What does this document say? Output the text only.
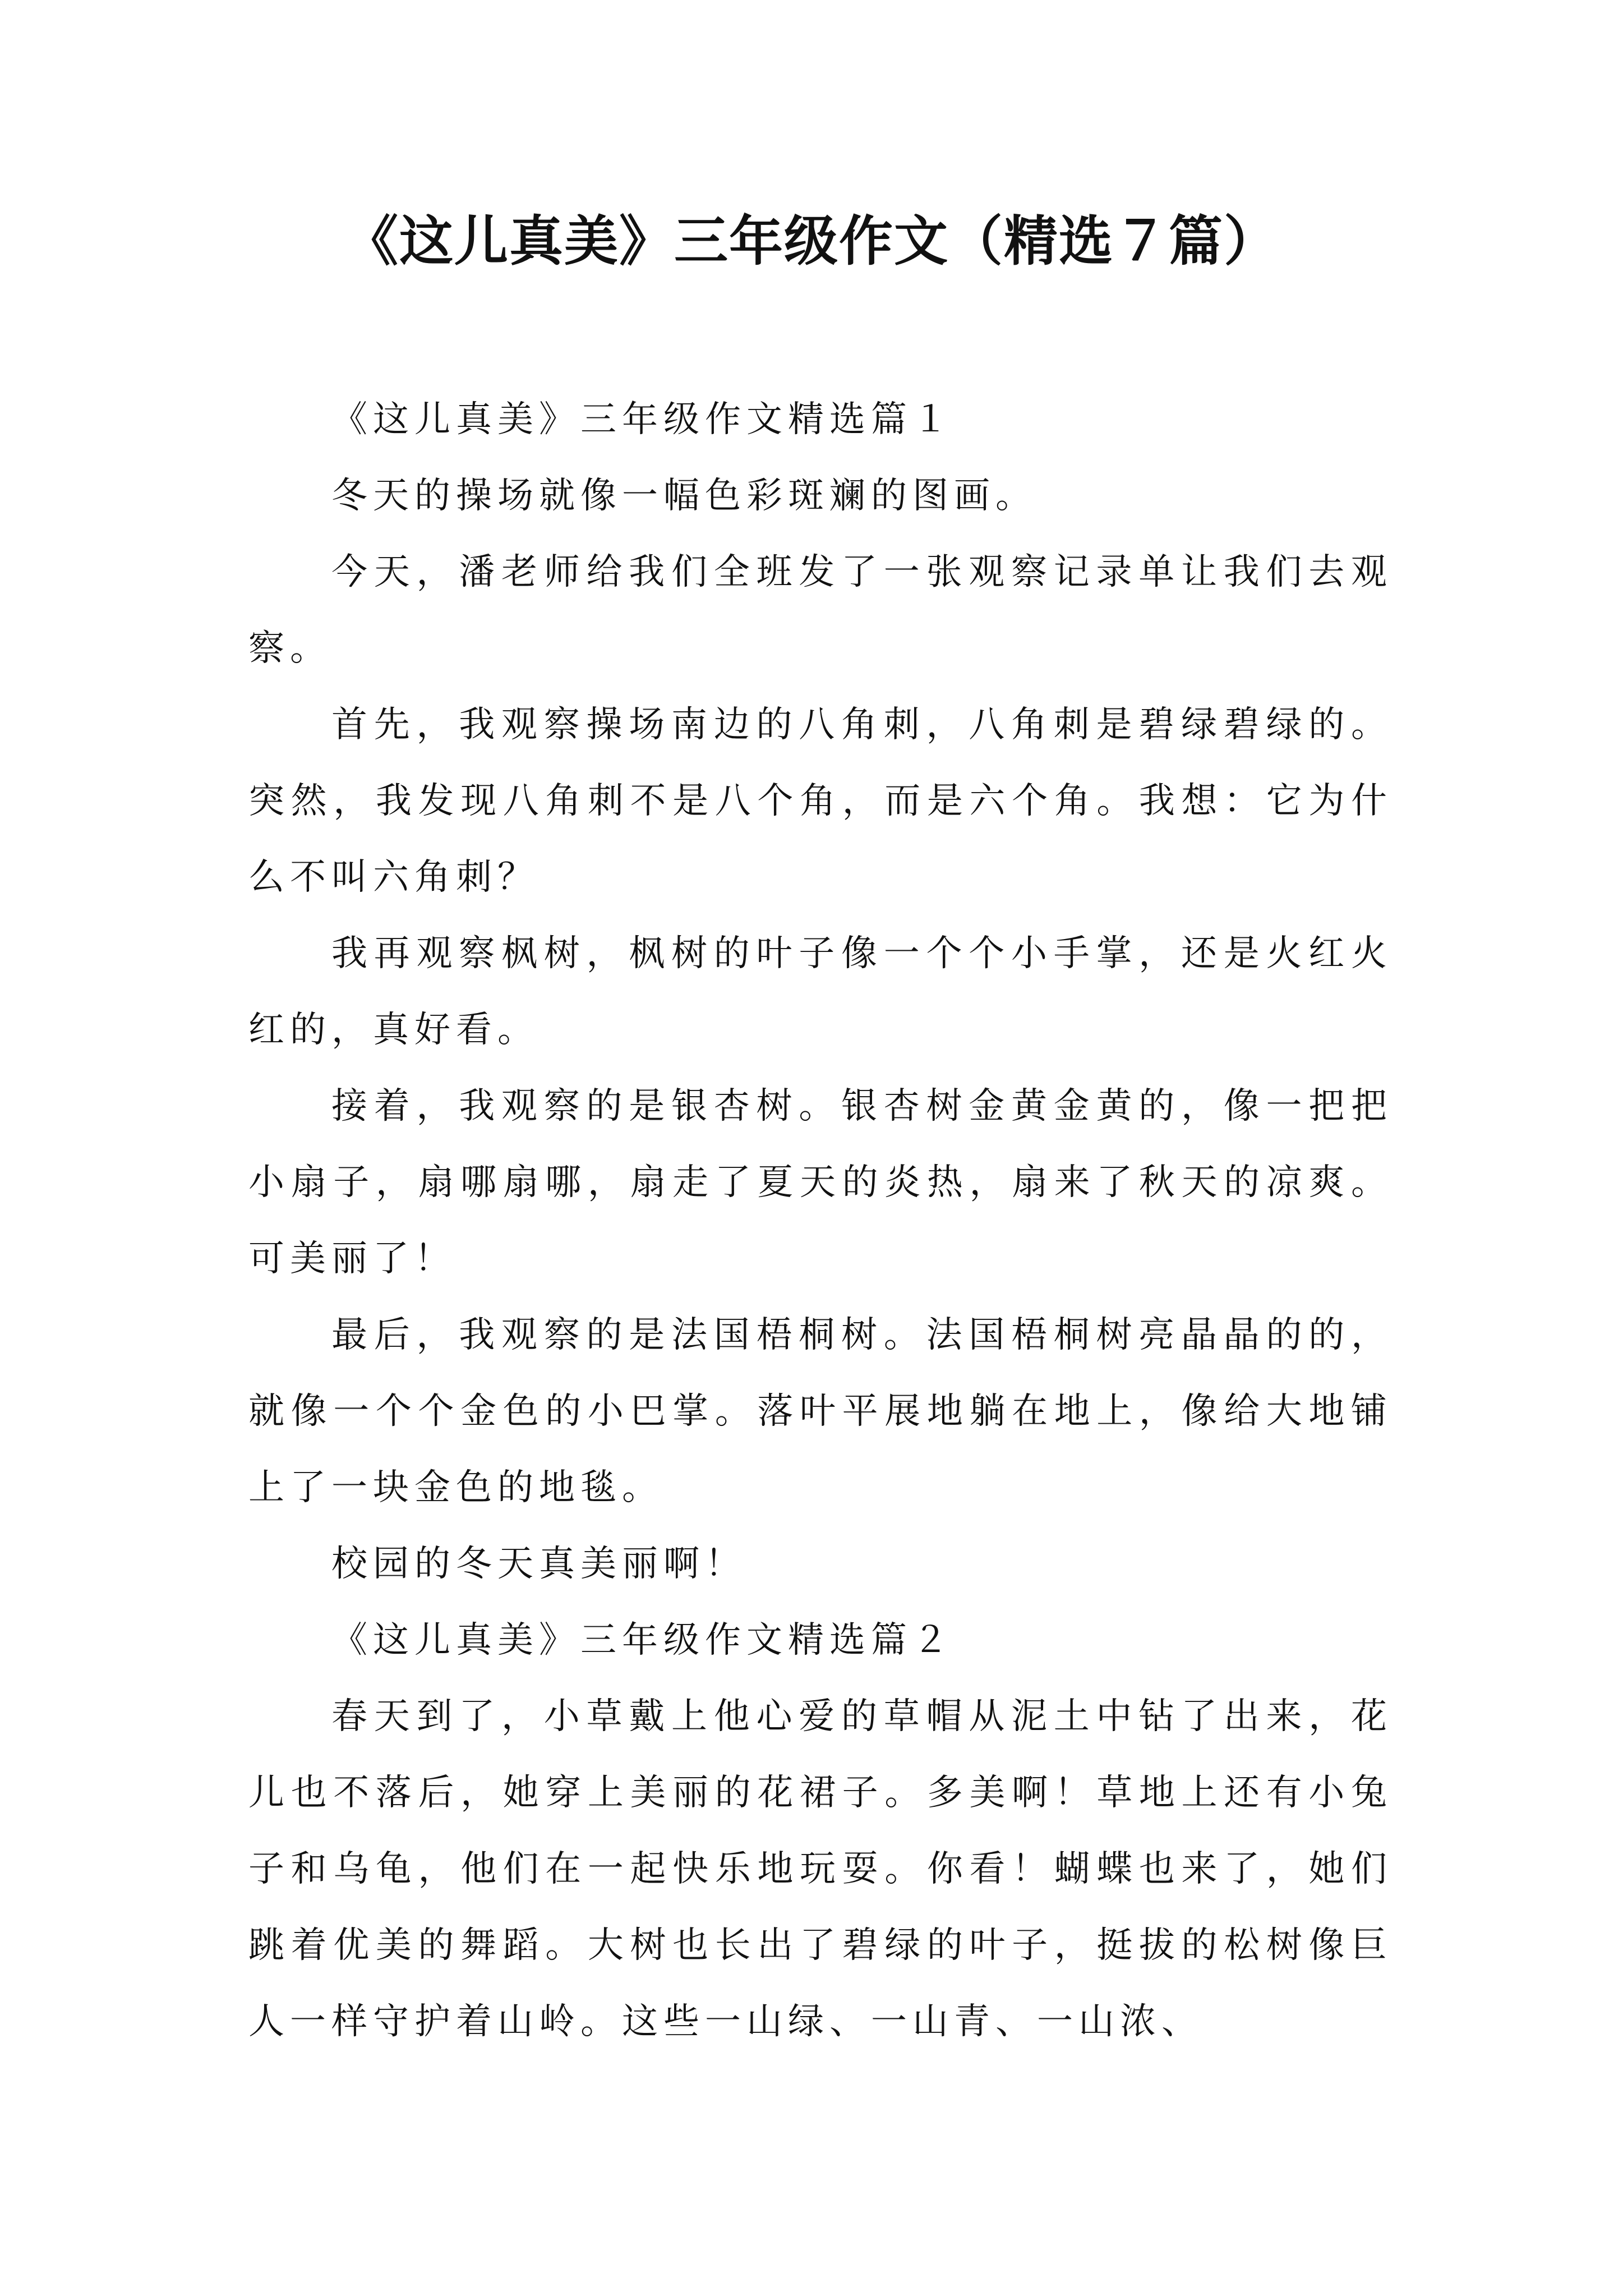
《这儿真美》三年级作文（精选７篇）

《这儿真美》三年级作文精选篇１

冬天的操场就像一幅色彩斑斓的图画。

今天，潘老师给我们全班发了一张观察记录单让我们去观察。

首先，我观察操场南边的八角刺，八角刺是碧绿碧绿的。突然，我发现八角刺不是八个角，而是六个角。我想：它为什么不叫六角刺？

我再观察枫树，枫树的叶子像一个个小手掌，还是火红火红的，真好看。

接着，我观察的是银杏树。银杏树金黄金黄的，像一把把小扇子，扇哪扇哪，扇走了夏天的炎热，扇来了秋天的凉爽。可美丽了！

最后，我观察的是法国梧桐树。法国梧桐树亮晶晶的的，就像一个个金色的小巴掌。落叶平展地躺在地上，像给大地铺上了一块金色的地毯。

校园的冬天真美丽啊！

《这儿真美》三年级作文精选篇２

春天到了，小草戴上他心爱的草帽从泥土中钻了出来，花儿也不落后，她穿上美丽的花裙子。多美啊！草地上还有小兔子和乌龟，他们在一起快乐地玩耍。你看！蝴蝶也来了，她们跳着优美的舞蹈。大树也长出了碧绿的叶子，挺拔的松树像巨人一样守护着山岭。这些一山绿、一山青、一山浓、
